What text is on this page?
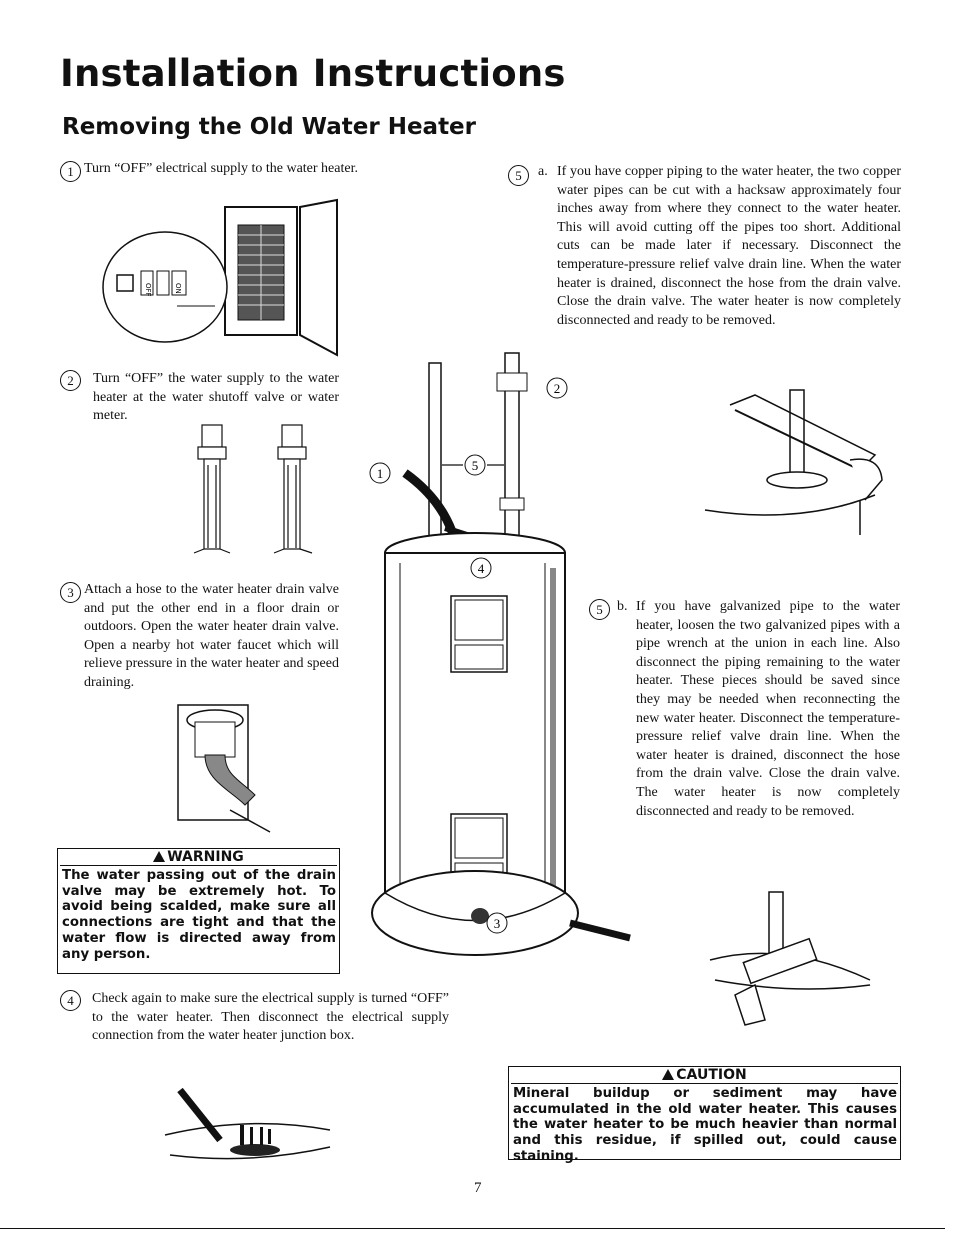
Installation Instructions
Removing the Old Water Heater
1 Turn “OFF” electrical supply to the water heater.
OFF	ON
2	Turn “OFF” the water supply to the water heater at the water shutoff valve or water meter.
3 Attach a hose to the water heater drain valve and put the other end in a floor drain or outdoors. Open the water heater drain valve. Open a nearby hot water faucet which will relieve pressure in the water heater and speed draining.
WARNING
The water passing out of the drain valve may be extremely hot. To avoid being scalded, make sure all connections are tight and that the water flow is directed away from any person.
4	Check again to make sure the electrical supply is turned “OFF” to the water heater. Then disconnect the electrical supply connection from the water heater junction box.
1
5
2
4
3
5	a. If you have copper piping to the water heater, the two copper water pipes can be cut with a hacksaw approximately four inches away from where they connect to the water heater. This will avoid cutting off the pipes too short. Additional cuts can be made later if necessary. Disconnect the temperature-pressure relief valve drain line. When the water heater is drained, disconnect the hose from the drain valve. Close the drain valve. The water heater is now completely disconnected and ready to be removed.
5	b. If you have galvanized pipe to the water heater, loosen the two galvanized pipes with a pipe wrench at the union in each line. Also disconnect the piping remaining to the water heater. These pieces should be saved since they may be needed when reconnecting the new water heater. Disconnect the temperature-pressure relief valve drain line. When the water heater is drained, disconnect the hose from the drain valve. Close the drain valve. The water heater is now completely disconnected and ready to be removed.
CAUTION
Mineral buildup or sediment may have accumulated in the old water heater. This causes the water heater to be much heavier than normal and this residue, if spilled out, could cause staining.
7
